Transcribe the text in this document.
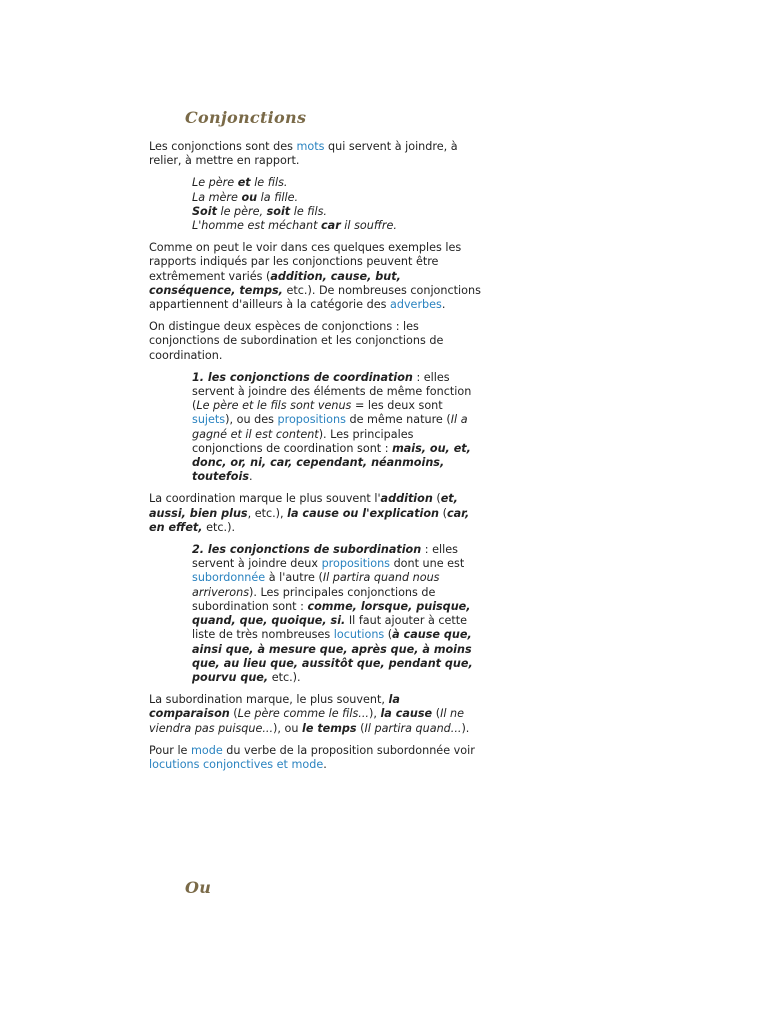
Conjonctions

Les conjonctions sont des mots qui servent à joindre, à relier, à mettre en rapport.

Le père et le fils.
La mère ou la fille.
Soit le père, soit le fils.
L'homme est méchant car il souffre.

Comme on peut le voir dans ces quelques exemples les rapports indiqués par les conjonctions peuvent être extrêmement variés (addition, cause, but, conséquence, temps, etc.). De nombreuses conjonctions appartiennent d'ailleurs à la catégorie des adverbes.

On distingue deux espèces de conjonctions : les conjonctions de subordination et les conjonctions de coordination.

1. les conjonctions de coordination : elles servent à joindre des éléments de même fonction (Le père et le fils sont venus = les deux sont sujets), ou des propositions de même nature (Il a gagné et il est content). Les principales conjonctions de coordination sont : mais, ou, et, donc, or, ni, car, cependant, néanmoins, toutefois.

La coordination marque le plus souvent l'addition (et, aussi, bien plus, etc.), la cause ou l'explication (car, en effet, etc.).

2. les conjonctions de subordination : elles servent à joindre deux propositions dont une est subordonnée à l'autre (Il partira quand nous arriverons). Les principales conjonctions de subordination sont : comme, lorsque, puisque, quand, que, quoique, si. Il faut ajouter à cette liste de très nombreuses locutions (à cause que, ainsi que, à mesure que, après que, à moins que, au lieu que, aussitôt que, pendant que, pourvu que, etc.).

La subordination marque, le plus souvent, la comparaison (Le père comme le fils...), la cause (Il ne viendra pas puisque...), ou le temps (Il partira quand...).

Pour le mode du verbe de la proposition subordonnée voir locutions conjonctives et mode.

Ou
